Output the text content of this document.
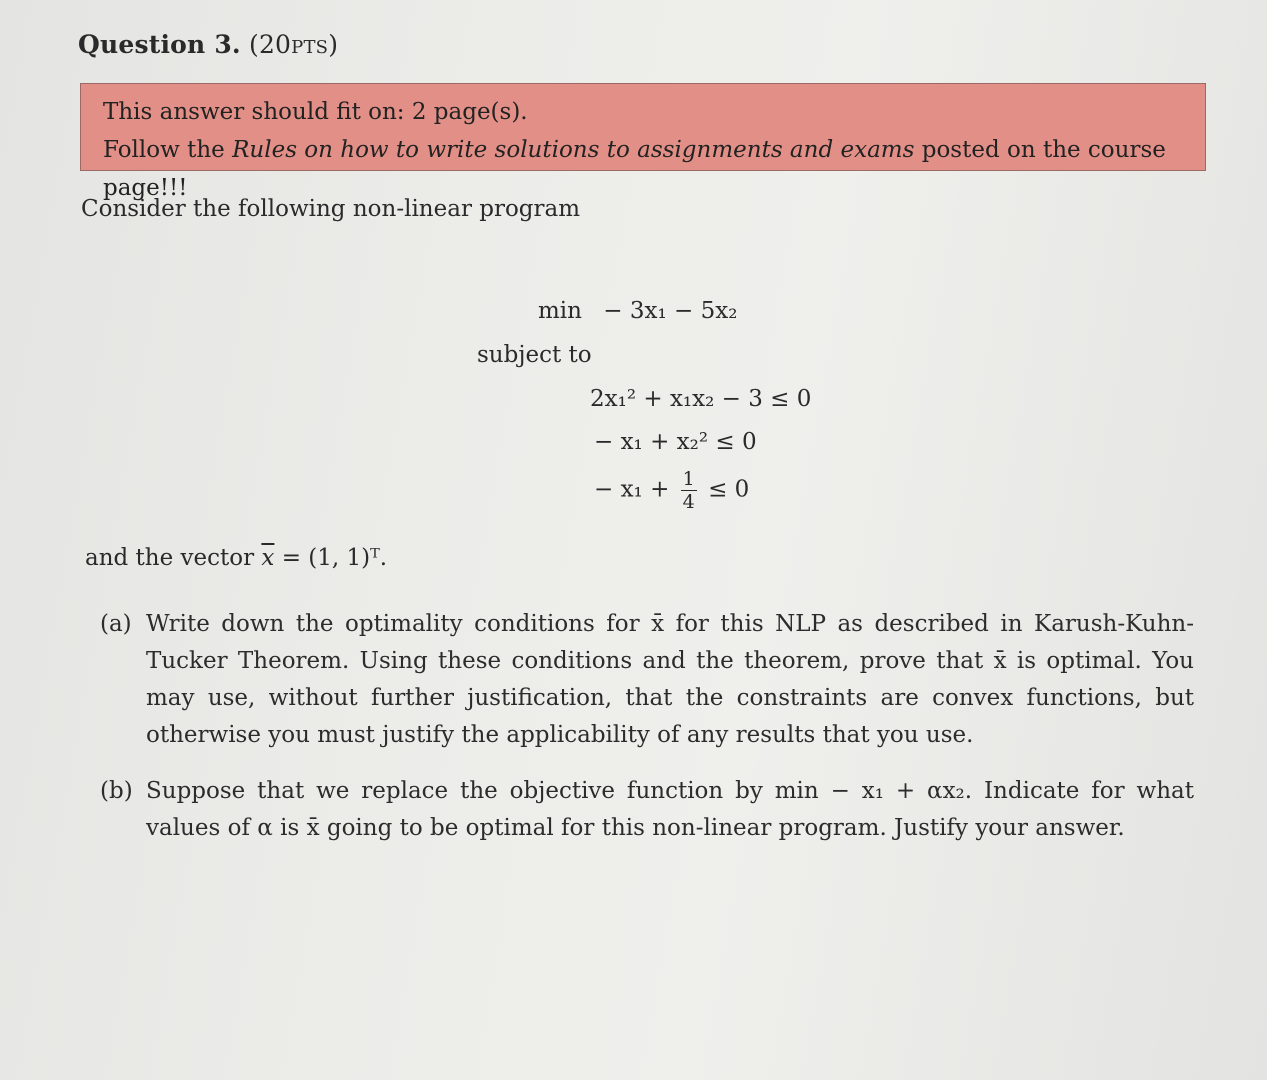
Question 3. (20pts)
This answer should fit on: 2 page(s).
Follow the Rules on how to write solutions to assignments and exams posted on the course page!!!
Consider the following non-linear program
min − 3x₁ − 5x₂
subject to
2x₁² + x₁x₂ − 3 ≤ 0
− x₁ + x₂² ≤ 0
− $x_1 + \frac{1}{4} \le 0$
and the vector $\overline{x} = (1$, 1)ᵀ.
(a) Write down the optimality conditions for x̄ for this NLP as described in Karush-Kuhn-Tucker Theorem. Using these conditions and the theorem, prove that x̄ is optimal. You may use, without further justification, that the constraints are convex functions, but otherwise you must justify the applicability of any results that you use.
(b) Suppose that we replace the objective function by min − x₁ + αx₂. Indicate for what values of α is x̄ going to be optimal for this non-linear program. Justify your answer.
